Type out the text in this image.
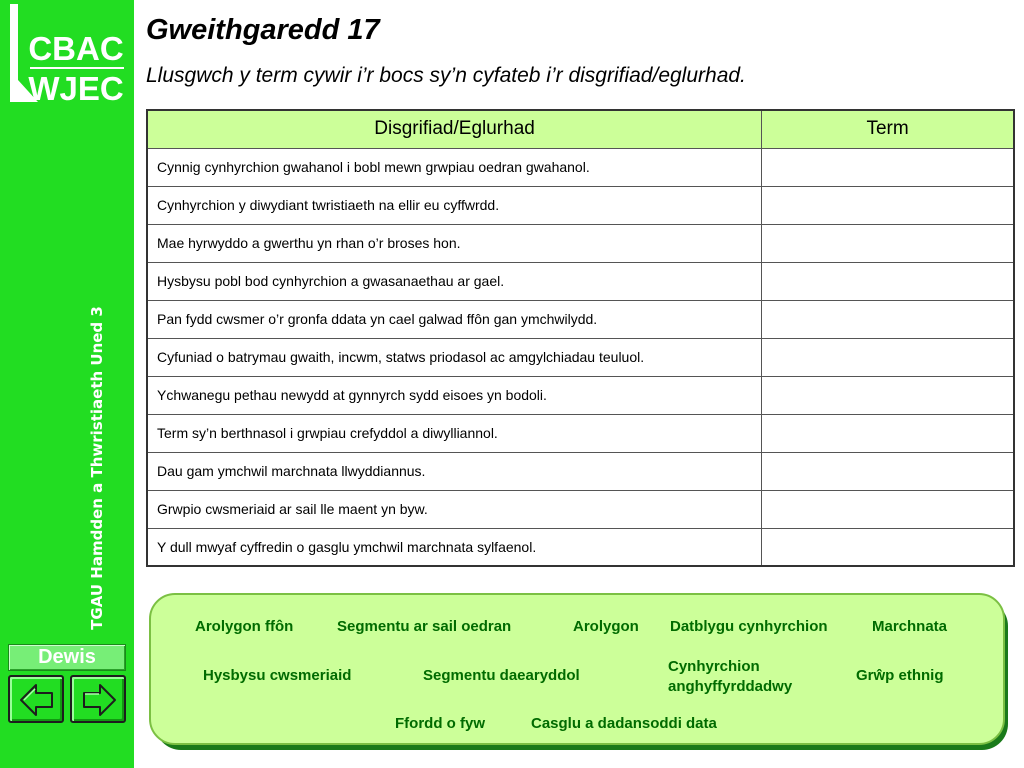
CBAC
WJEC
TGAU Hamdden a Thwristiaeth Uned 3
Dewis
Gweithgaredd 17
Llusgwch y term cywir i’r bocs sy’n cyfateb i’r disgrifiad/eglurhad.
Disgrifiad/Eglurhad	Term
Cynnig cynhyrchion gwahanol i bobl mewn grwpiau oedran gwahanol.	
Cynhyrchion y diwydiant twristiaeth na ellir eu cyffwrdd.	
Mae hyrwyddo a gwerthu yn rhan o’r broses hon.	
Hysbysu pobl bod cynhyrchion a gwasanaethau ar gael.	
Pan fydd cwsmer o’r gronfa ddata yn cael galwad ffôn gan ymchwilydd.	
Cyfuniad o batrymau gwaith, incwm, statws priodasol ac amgylchiadau teuluol.	
Ychwanegu pethau newydd at gynnyrch sydd eisoes yn bodoli.	
Term sy’n berthnasol i grwpiau crefyddol a diwylliannol.	
Dau gam ymchwil marchnata llwyddiannus.	
Grwpio cwsmeriaid ar sail lle maent yn byw.	
Y dull mwyaf cyffredin o gasglu ymchwil marchnata sylfaenol.	
Arolygon ffôn	Segmentu ar sail oedran	Arolygon Datblygu cynhyrchion	Marchnata
Hysbysu cwsmeriaid	Segmentu daearyddol
Cynhyrchion anghyffyrddadwy
Grŵp ethnig
Ffordd o fyw	Casglu a dadansoddi data
